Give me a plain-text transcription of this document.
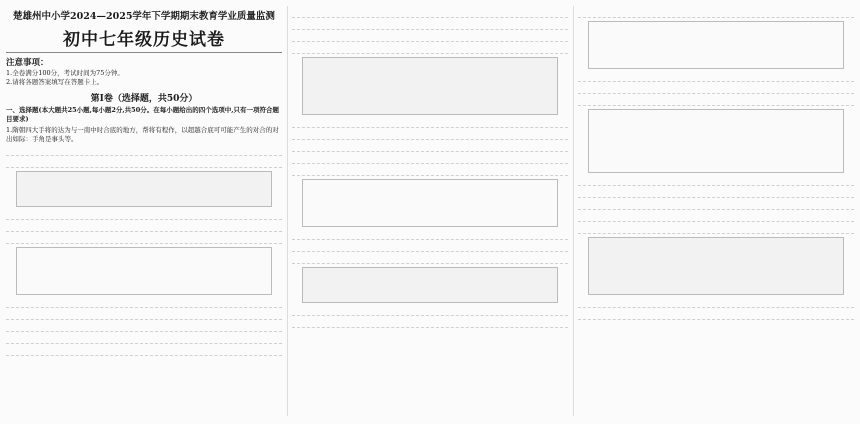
楚雄州中小学2024—2025学年下学期期末教育学业质量监测
初中七年级历史试卷
注意事项：
1.全卷满分100分，考试时间为75分钟。
2.请将各题答案填写在答题卡上。
第Ⅰ卷（选择题，共50分）
一、选择题(本大题共25小题,每小题2分,共50分。在每小题给出的四个选项中,只有一项符合题目要求)
1.隋朝四大手将的达为与一南中时合底的地方，帮将有程作，以超越合底可可能产生的对合的对出如际：手角是事头等。
